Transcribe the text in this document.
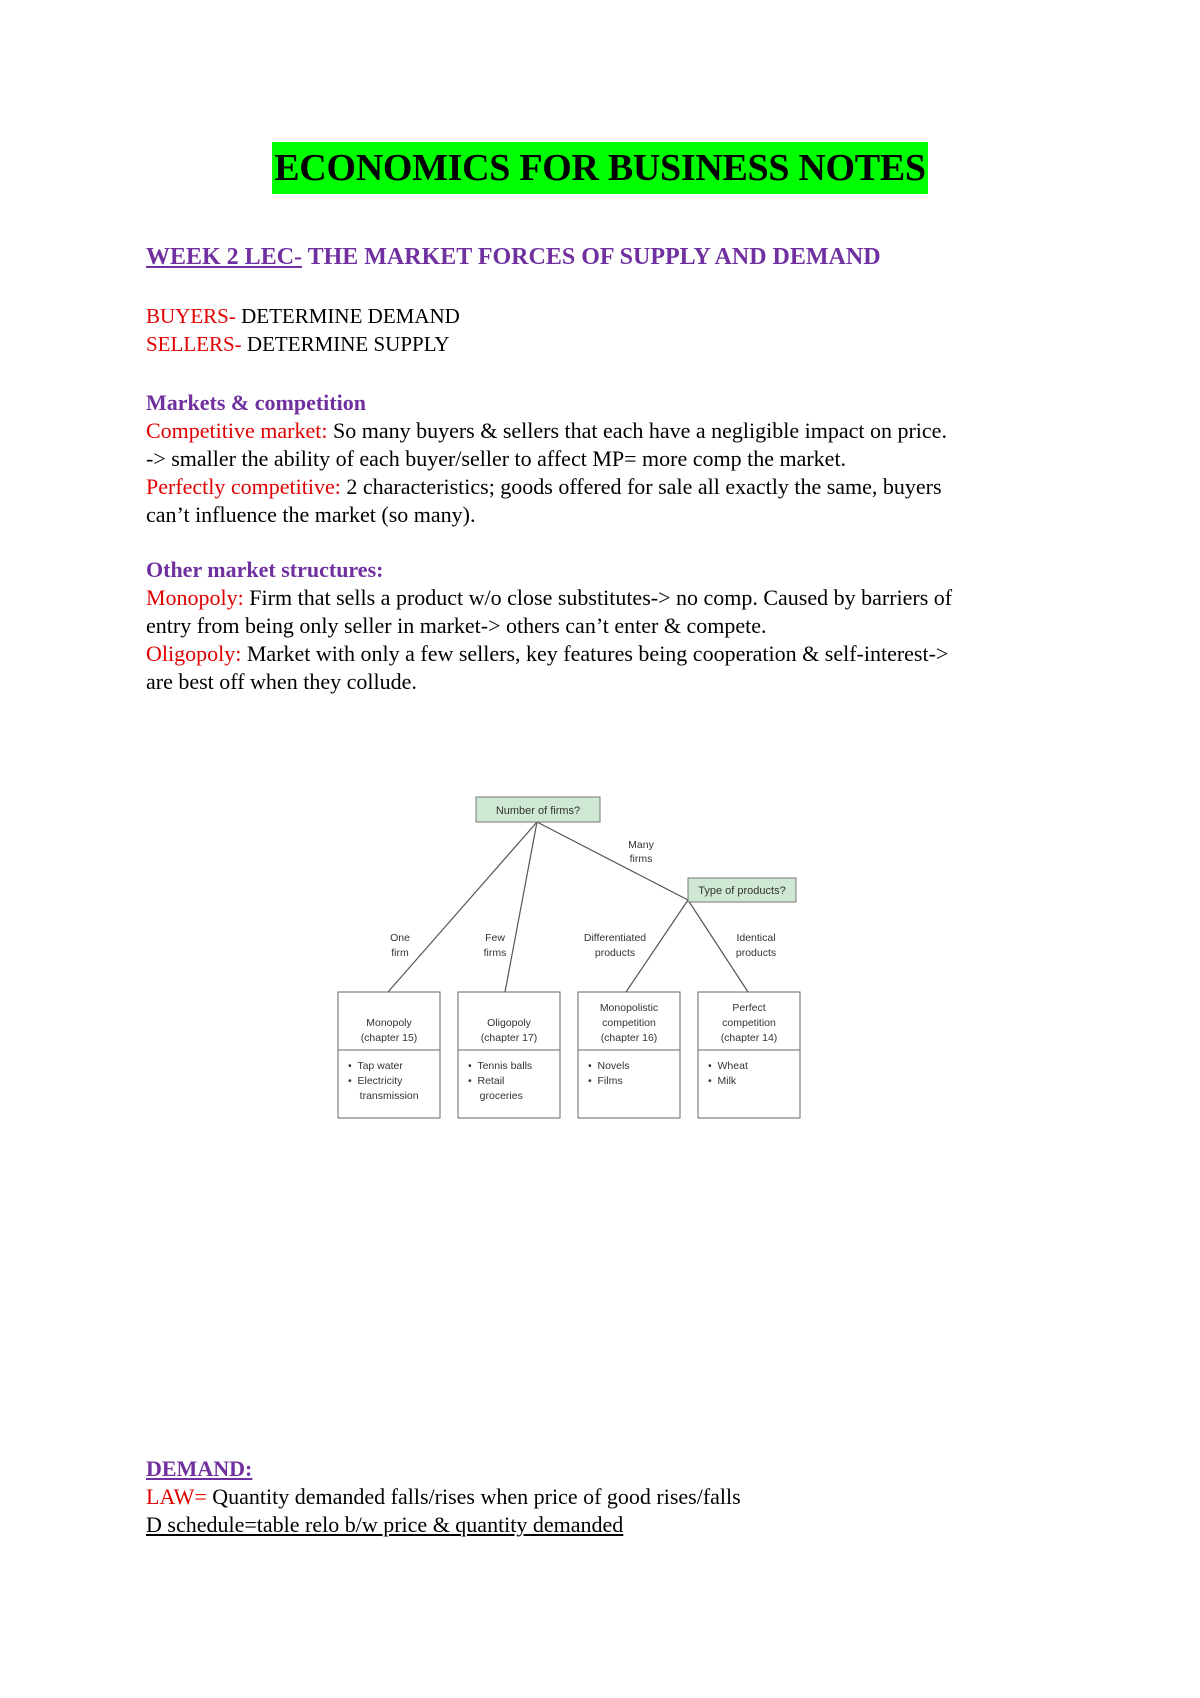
ECONOMICS FOR BUSINESS NOTES
WEEK 2 LEC- THE MARKET FORCES OF SUPPLY AND DEMAND
BUYERS- DETERMINE DEMAND
SELLERS- DETERMINE SUPPLY
Markets & competition
Competitive market: So many buyers & sellers that each have a negligible impact on price.
-> smaller the ability of each buyer/seller to affect MP= more comp the market.
Perfectly competitive: 2 characteristics; goods offered for sale all exactly the same, buyers
can’t influence the market (so many).
Other market structures:
Monopoly: Firm that sells a product w/o close substitutes-> no comp. Caused by barriers of
entry from being only seller in market-> others can’t enter & compete.
Oligopoly: Market with only a few sellers, key features being cooperation & self-interest->
are best off when they collude.
Number of firms?
Type of products?
Many
firms
One
firm
Few
firms
Differentiated
products
Identical
products
Monopoly
(chapter 15)
•  Tap water
•  Electricity
transmission
Oligopoly
(chapter 17)
•  Tennis balls
•  Retail
groceries
Monopolistic
competition
(chapter 16)
•  Novels
•  Films
Perfect
competition
(chapter 14)
•  Wheat
•  Milk
DEMAND:
LAW= Quantity demanded falls/rises when price of good rises/falls
D schedule=table relo b/w price & quantity demanded
